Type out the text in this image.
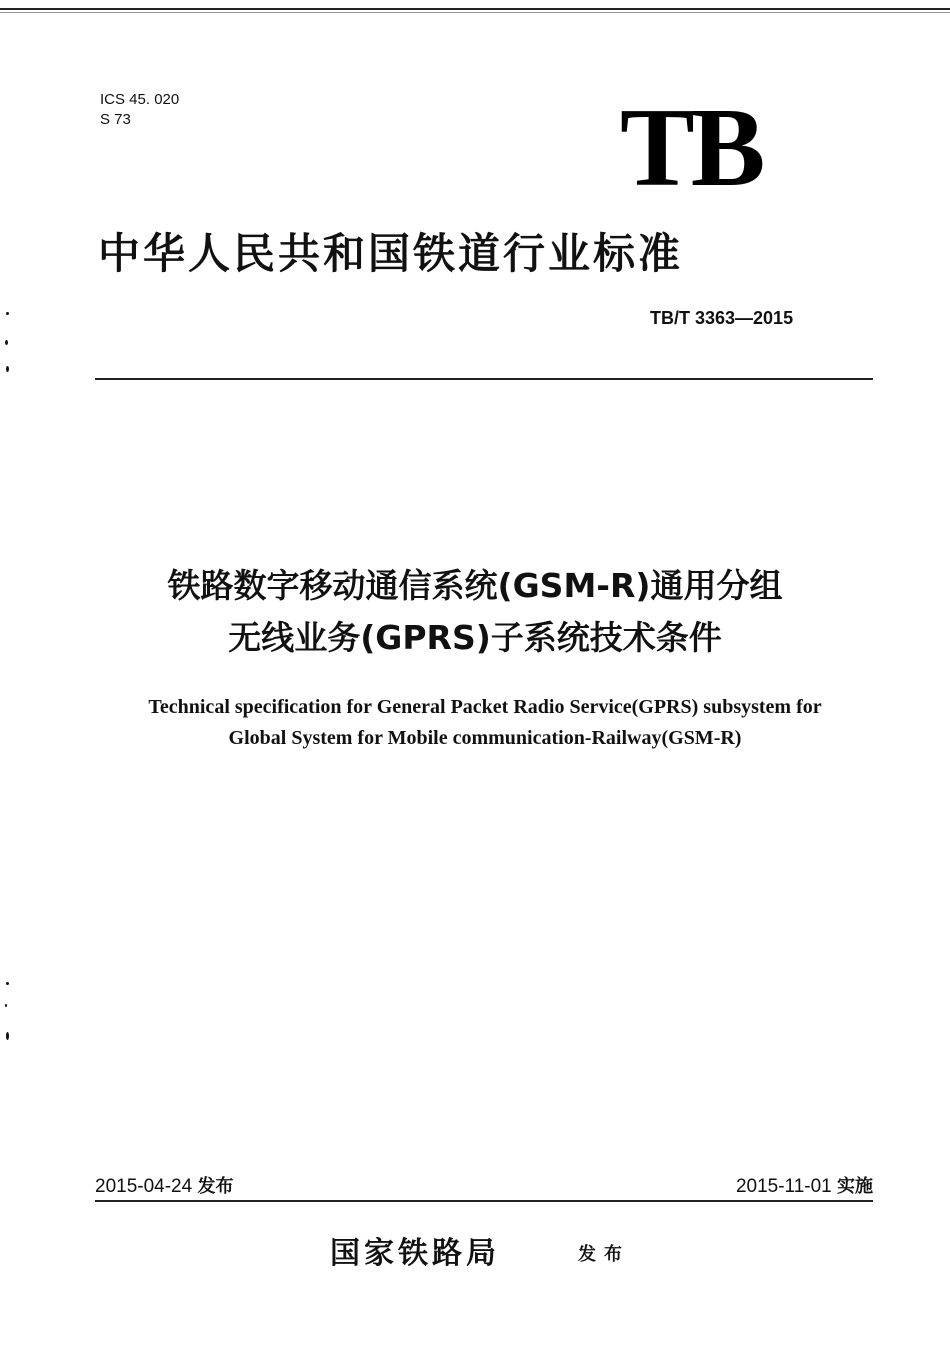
ICS 45. 020
S 73	TB
中华人民共和国铁道行业标准
TB/T 3363—2015
铁路数字移动通信系统(GSM-R)通用分组
无线业务(GPRS)子系统技术条件
Technical specification for General Packet Radio Service(GPRS) subsystem for
Global System for Mobile communication-Railway(GSM-R)
2015-04-24 发布	2015-11-01 实施
国家铁路局	发布
